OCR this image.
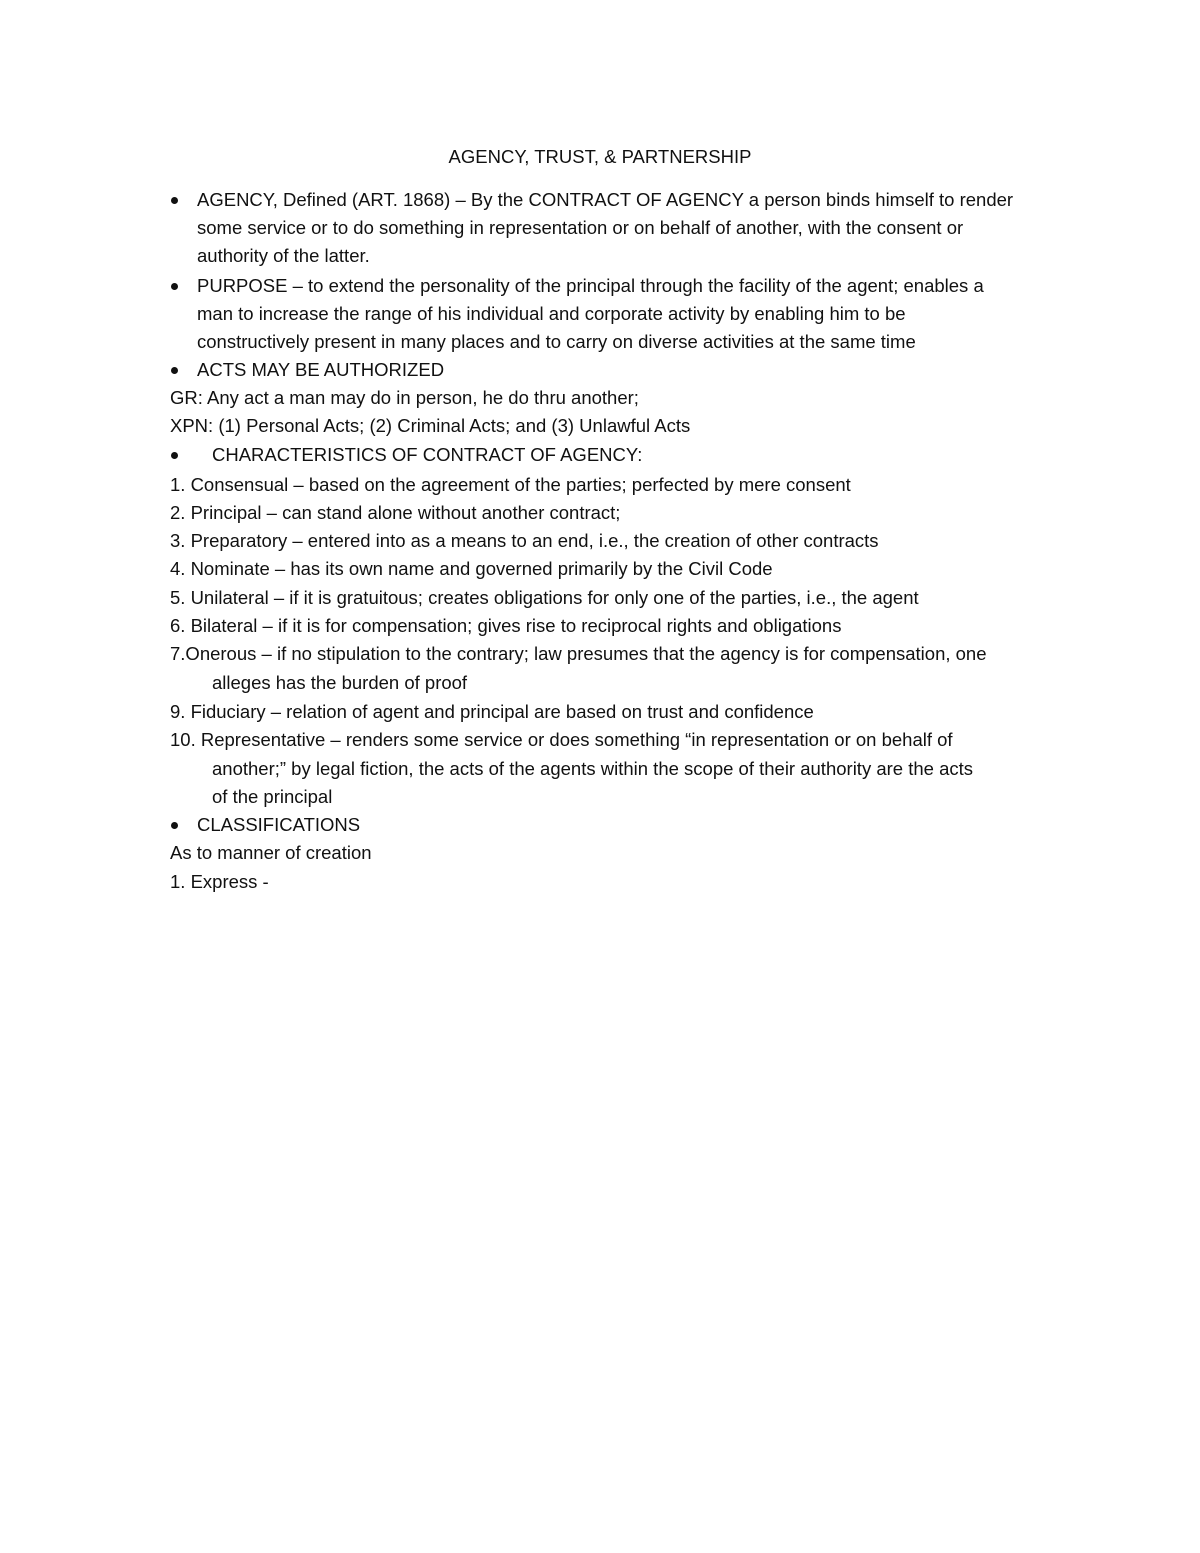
AGENCY, TRUST, & PARTNERSHIP
AGENCY, Defined (ART. 1868) – By the CONTRACT OF AGENCY a person binds himself to render
some service or to do something in representation or on behalf of another, with the consent or
authority of the latter.
PURPOSE – to extend the personality of the principal through the facility of the agent; enables a
man to increase the range of his individual and corporate activity by enabling him to be
constructively present in many places and to carry on diverse activities at the same time
ACTS MAY BE AUTHORIZED
GR: Any act a man may do in person, he do thru another;
XPN: (1) Personal Acts; (2) Criminal Acts; and (3) Unlawful Acts
CHARACTERISTICS OF CONTRACT OF AGENCY:
1. Consensual – based on the agreement of the parties; perfected by mere consent
2. Principal – can stand alone without another contract;
3. Preparatory – entered into as a means to an end, i.e., the creation of other contracts
4. Nominate – has its own name and governed primarily by the Civil Code
5. Unilateral – if it is gratuitous; creates obligations for only one of the parties, i.e., the agent
6. Bilateral – if it is for compensation; gives rise to reciprocal rights and obligations
7.Onerous – if no stipulation to the contrary; law presumes that the agency is for compensation, one
alleges has the burden of proof
9. Fiduciary – relation of agent and principal are based on trust and confidence
10. Representative – renders some service or does something “in representation or on behalf of
another;” by legal fiction, the acts of the agents within the scope of their authority are the acts
of the principal
CLASSIFICATIONS
As to manner of creation
1. Express -
